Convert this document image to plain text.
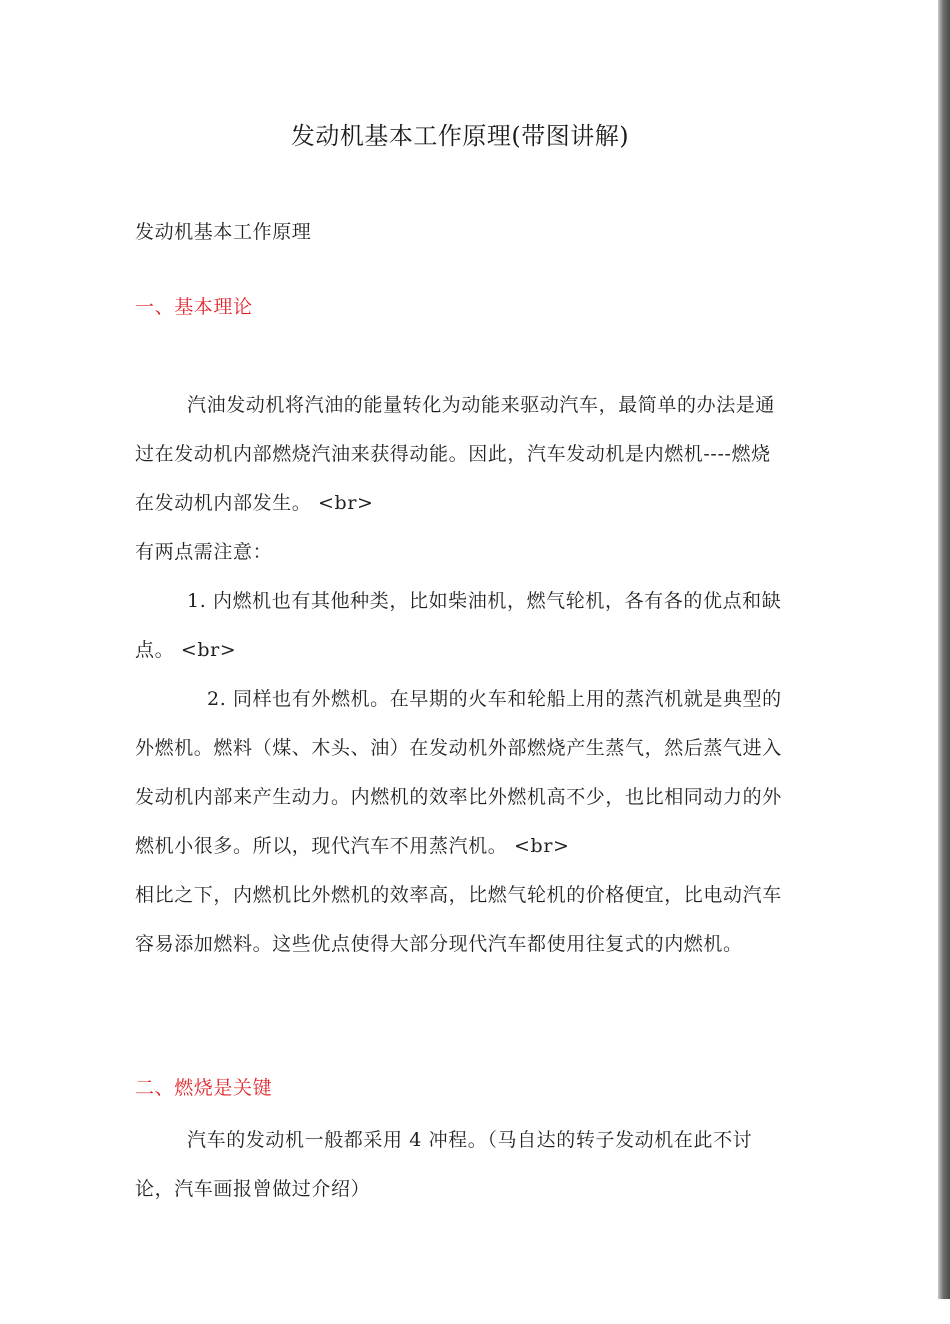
发动机基本工作原理(带图讲解)

发动机基本工作原理

一、基本理论

汽油发动机将汽油的能量转化为动能来驱动汽车，最简单的办法是通过在发动机内部燃烧汽油来获得动能。因此，汽车发动机是内燃机----燃烧在发动机内部发生。 <br>

有两点需注意：

1. 内燃机也有其他种类，比如柴油机，燃气轮机，各有各的优点和缺点。 <br>

2. 同样也有外燃机。在早期的火车和轮船上用的蒸汽机就是典型的外燃机。燃料（煤、木头、油）在发动机外部燃烧产生蒸气，然后蒸气进入发动机内部来产生动力。内燃机的效率比外燃机高不少，也比相同动力的外燃机小很多。所以，现代汽车不用蒸汽机。 <br>

相比之下，内燃机比外燃机的效率高，比燃气轮机的价格便宜，比电动汽车容易添加燃料。这些优点使得大部分现代汽车都使用往复式的内燃机。

二、燃烧是关键

汽车的发动机一般都采用 4 冲程。（马自达的转子发动机在此不讨论，汽车画报曾做过介绍）
